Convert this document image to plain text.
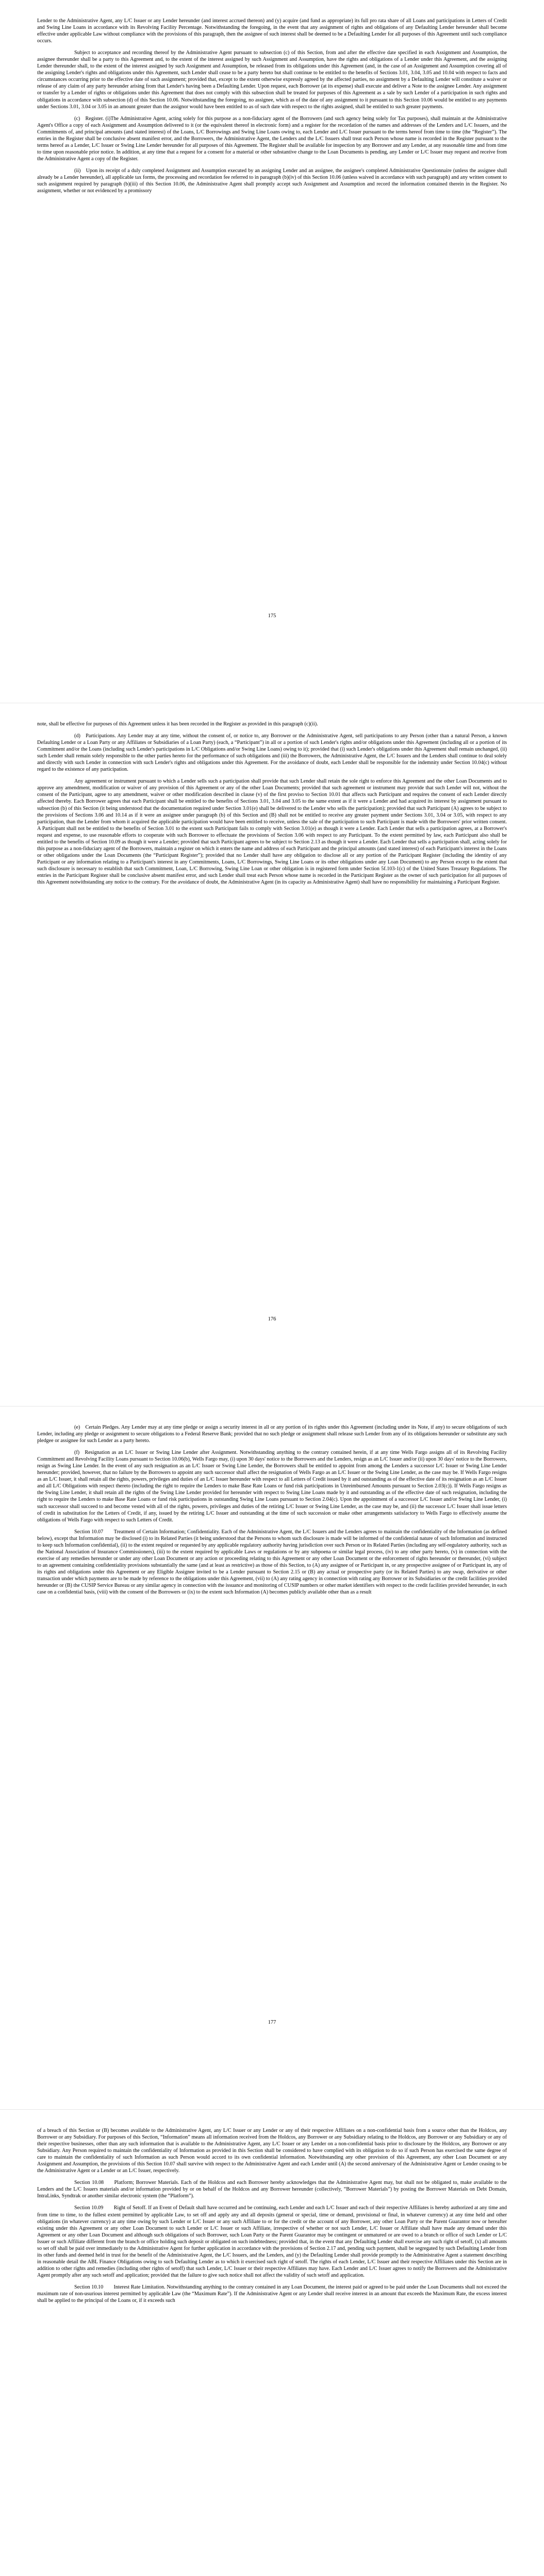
Lender to the Administrative Agent, any L/C Issuer or any Lender hereunder (and interest accrued thereon) and (y) acquire (and fund as appropriate) its full pro rata share of all Loans and participations in Letters of Credit and Swing Line Loans in accordance with its Revolving Facility Percentage. Notwithstanding the foregoing, in the event that any assignment of rights and obligations of any Defaulting Lender hereunder shall become effective under applicable Law without compliance with the provisions of this paragraph, then the assignee of such interest shall be deemed to be a Defaulting Lender for all purposes of this Agreement until such compliance occurs.

Subject to acceptance and recording thereof by the Administrative Agent pursuant to subsection (c) of this Section, from and after the effective date specified in each Assignment and Assumption, the assignee thereunder shall be a party to this Agreement and, to the extent of the interest assigned by such Assignment and Assumption, have the rights and obligations of a Lender under this Agreement, and the assigning Lender thereunder shall, to the extent of the interest assigned by such Assignment and Assumption, be released from its obligations under this Agreement (and, in the case of an Assignment and Assumption covering all of the assigning Lender's rights and obligations under this Agreement, such Lender shall cease to be a party hereto but shall continue to be entitled to the benefits of Sections 3.01, 3.04, 3.05 and 10.04 with respect to facts and circumstances occurring prior to the effective date of such assignment; provided that, except to the extent otherwise expressly agreed by the affected parties, no assignment by a Defaulting Lender will constitute a waiver or release of any claim of any party hereunder arising from that Lender's having been a Defaulting Lender. Upon request, each Borrower (at its expense) shall execute and deliver a Note to the assignee Lender. Any assignment or transfer by a Lender of rights or obligations under this Agreement that does not comply with this subsection shall be treated for purposes of this Agreement as a sale by such Lender of a participation in such rights and obligations in accordance with subsection (d) of this Section 10.06. Notwithstanding the foregoing, no assignee, which as of the date of any assignment to it pursuant to this Section 10.06 would be entitled to any payments under Sections 3.01, 3.04 or 3.05 in an amount greater than the assignor would have been entitled to as of such date with respect to the rights assigned, shall be entitled to such greater payments.

(c) Register. (i)The Administrative Agent, acting solely for this purpose as a non-fiduciary agent of the Borrowers (and such agency being solely for Tax purposes), shall maintain at the Administrative Agent's Office a copy of each Assignment and Assumption delivered to it (or the equivalent thereof in electronic form) and a register for the recordation of the names and addresses of the Lenders and L/C Issuers, and the Commitments of, and principal amounts (and stated interest) of the Loans, L/C Borrowings and Swing Line Loans owing to, each Lender and L/C Issuer pursuant to the terms hereof from time to time (the “Register”). The entries in the Register shall be conclusive absent manifest error, and the Borrowers, the Administrative Agent, the Lenders and the L/C Issuers shall treat each Person whose name is recorded in the Register pursuant to the terms hereof as a Lender, L/C Issuer or Swing Line Lender hereunder for all purposes of this Agreement. The Register shall be available for inspection by any Borrower and any Lender, at any reasonable time and from time to time upon reasonable prior notice. In addition, at any time that a request for a consent for a material or other substantive change to the Loan Documents is pending, any Lender or L/C Issuer may request and receive from the Administrative Agent a copy of the Register.

(ii) Upon its receipt of a duly completed Assignment and Assumption executed by an assigning Lender and an assignee, the assignee's completed Administrative Questionnaire (unless the assignee shall already be a Lender hereunder), all applicable tax forms, the processing and recordation fee referred to in paragraph (b)(iv) of this Section 10.06 (unless waived in accordance with such paragraph) and any written consent to such assignment required by paragraph (b)(iii) of this Section 10.06, the Administrative Agent shall promptly accept such Assignment and Assumption and record the information contained therein in the Register. No assignment, whether or not evidenced by a promissory

175

note, shall be effective for purposes of this Agreement unless it has been recorded in the Register as provided in this paragraph (c)(ii).

(d) Participations. Any Lender may at any time, without the consent of, or notice to, any Borrower or the Administrative Agent, sell participations to any Person (other than a natural Person, a known Defaulting Lender or a Loan Party or any Affiliates or Subsidiaries of a Loan Party) (each, a “Participant”) in all or a portion of such Lender's rights and/or obligations under this Agreement (including all or a portion of its Commitment and/or the Loans (including such Lender's participations in L/C Obligations and/or Swing Line Loans) owing to it); provided that (i) such Lender's obligations under this Agreement shall remain unchanged, (ii) such Lender shall remain solely responsible to the other parties hereto for the performance of such obligations and (iii) the Borrowers, the Administrative Agent, the L/C Issuers and the Lenders shall continue to deal solely and directly with such Lender in connection with such Lender's rights and obligations under this Agreement. For the avoidance of doubt, each Lender shall be responsible for the indemnity under Section 10.04(c) without regard to the existence of any participation.

Any agreement or instrument pursuant to which a Lender sells such a participation shall provide that such Lender shall retain the sole right to enforce this Agreement and the other Loan Documents and to approve any amendment, modification or waiver of any provision of this Agreement or any of the other Loan Documents; provided that such agreement or instrument may provide that such Lender will not, without the consent of the Participant, agree to any amendment, waiver or other modification described in clause (v) of the first proviso to Section 10.01 that affects such Participant and requires the consent of each Lender directly affected thereby. Each Borrower agrees that each Participant shall be entitled to the benefits of Sections 3.01, 3.04 and 3.05 to the same extent as if it were a Lender and had acquired its interest by assignment pursuant to subsection (b) of this Section (it being understood that the documentation required under Section 3.01(e) shall be delivered to the Lender who sells the participation); provided that such Participant (A) agrees to be subject to the provisions of Sections 3.06 and 10.14 as if it were an assignee under paragraph (b) of this Section and (B) shall not be entitled to receive any greater payment under Sections 3.01, 3.04 or 3.05, with respect to any participation, than the Lender from whom it acquired the applicable participation would have been entitled to receive, unless the sale of the participation to such Participant is made with the Borrowers' prior written consent. A Participant shall not be entitled to the benefits of Section 3.01 to the extent such Participant fails to comply with Section 3.01(e) as though it were a Lender. Each Lender that sells a participation agrees, at a Borrower's request and expense, to use reasonable efforts to cooperate with such Borrower to effectuate the provisions of Section 3.06 with respect to any Participant. To the extent permitted by law, each Participant also shall be entitled to the benefits of Section 10.09 as though it were a Lender; provided that such Participant agrees to be subject to Section 2.13 as though it were a Lender. Each Lender that sells a participation shall, acting solely for this purpose as a non-fiduciary agent of the Borrowers, maintain a register on which it enters the name and address of each Participant and the principal amounts (and stated interest) of each Participant's interest in the Loans or other obligations under the Loan Documents (the “Participant Register”); provided that no Lender shall have any obligation to disclose all or any portion of the Participant Register (including the identity of any Participant or any information relating to a Participant's interest in any Commitments, Loans, L/C Borrowings, Swing Line Loans or its other obligations under any Loan Document) to any Person except to the extent that such disclosure is necessary to establish that such Commitment, Loan, L/C Borrowing, Swing Line Loan or other obligation is in registered form under Section 5f.103-1(c) of the United States Treasury Regulations. The entries in the Participant Register shall be conclusive absent manifest error, and such Lender shall treat each Person whose name is recorded in the Participant Register as the owner of such participation for all purposes of this Agreement notwithstanding any notice to the contrary. For the avoidance of doubt, the Administrative Agent (in its capacity as Administrative Agent) shall have no responsibility for maintaining a Participant Register.

176

(e) Certain Pledges. Any Lender may at any time pledge or assign a security interest in all or any portion of its rights under this Agreement (including under its Note, if any) to secure obligations of such Lender, including any pledge or assignment to secure obligations to a Federal Reserve Bank; provided that no such pledge or assignment shall release such Lender from any of its obligations hereunder or substitute any such pledgee or assignee for such Lender as a party hereto.

(f) Resignation as an L/C Issuer or Swing Line Lender after Assignment. Notwithstanding anything to the contrary contained herein, if at any time Wells Fargo assigns all of its Revolving Facility Commitment and Revolving Facility Loans pursuant to Section 10.06(b), Wells Fargo may, (i) upon 30 days' notice to the Borrowers and the Lenders, resign as an L/C Issuer and/or (ii) upon 30 days' notice to the Borrowers, resign as Swing Line Lender. In the event of any such resignation as an L/C Issuer or Swing Line Lender, the Borrowers shall be entitled to appoint from among the Lenders a successor L/C Issuer or Swing Line Lender hereunder; provided, however, that no failure by the Borrowers to appoint any such successor shall affect the resignation of Wells Fargo as an L/C Issuer or the Swing Line Lender, as the case may be. If Wells Fargo resigns as an L/C Issuer, it shall retain all the rights, powers, privileges and duties of an L/C Issuer hereunder with respect to all Letters of Credit issued by it and outstanding as of the effective date of its resignation as an L/C Issuer and all L/C Obligations with respect thereto (including the right to require the Lenders to make Base Rate Loans or fund risk participations in Unreimbursed Amounts pursuant to Section 2.03(c)). If Wells Fargo resigns as the Swing Line Lender, it shall retain all the rights of the Swing Line Lender provided for hereunder with respect to Swing Line Loans made by it and outstanding as of the effective date of such resignation, including the right to require the Lenders to make Base Rate Loans or fund risk participations in outstanding Swing Line Loans pursuant to Section 2.04(c). Upon the appointment of a successor L/C Issuer and/or Swing Line Lender, (i) such successor shall succeed to and become vested with all of the rights, powers, privileges and duties of the retiring L/C Issuer or Swing Line Lender, as the case may be, and (ii) the successor L/C Issuer shall issue letters of credit in substitution for the Letters of Credit, if any, issued by the retiring L/C Issuer and outstanding at the time of such succession or make other arrangements satisfactory to Wells Fargo to effectively assume the obligations of Wells Fargo with respect to such Letters of Credit.

Section 10.07  Treatment of Certain Information; Confidentiality. Each of the Administrative Agent, the L/C Issuers and the Lenders agrees to maintain the confidentiality of the Information (as defined below), except that Information may be disclosed (i) to its Related Parties (it being understood that the Persons to whom such disclosure is made will be informed of the confidential nature of such Information and instructed to keep such Information confidential), (ii) to the extent required or requested by any applicable regulatory authority having jurisdiction over such Person or its Related Parties (including any self-regulatory authority, such as the National Association of Insurance Commissioners), (iii) to the extent required by applicable Laws or regulations or by any subpoena or similar legal process, (iv) to any other party hereto, (v) in connection with the exercise of any remedies hereunder or under any other Loan Document or any action or proceeding relating to this Agreement or any other Loan Document or the enforcement of rights hereunder or thereunder, (vi) subject to an agreement containing confidentiality provisions substantially the same (and at least as restrictive) as those of this Section, to (A) any assignee of or Participant in, or any prospective assignee of or Participant in, any of its rights and obligations under this Agreement or any Eligible Assignee invited to be a Lender pursuant to Section 2.15 or (B) any actual or prospective party (or its Related Parties) to any swap, derivative or other transaction under which payments are to be made by reference to the obligations under this Agreement, (vii) to (A) any rating agency in connection with rating any Borrower or its Subsidiaries or the credit facilities provided hereunder or (B) the CUSIP Service Bureau or any similar agency in connection with the issuance and monitoring of CUSIP numbers or other market identifiers with respect to the credit facilities provided hereunder, in each case on a confidential basis, (viii) with the consent of the Borrowers or (ix) to the extent such Information (A) becomes publicly available other than as a result

177

of a breach of this Section or (B) becomes available to the Administrative Agent, any L/C Issuer or any Lender or any of their respective Affiliates on a non-confidential basis from a source other than the Holdcos, any Borrower or any Subsidiary. For purposes of this Section, “Information” means all information received from the Holdcos, any Borrower or any Subsidiary relating to the Holdcos, any Borrower or any Subsidiary or any of their respective businesses, other than any such information that is available to the Administrative Agent, any L/C Issuer or any Lender on a non-confidential basis prior to disclosure by the Holdcos, any Borrower or any Subsidiary. Any Person required to maintain the confidentiality of Information as provided in this Section shall be considered to have complied with its obligation to do so if such Person has exercised the same degree of care to maintain the confidentiality of such Information as such Person would accord to its own confidential information. Notwithstanding any other provision of this Agreement, any other Loan Document or any Assignment and Assumption, the provisions of this Section 10.07 shall survive with respect to the Administrative Agent and each Lender until (A) the second anniversary of the Administrative Agent or Lender ceasing to be the Administrative Agent or a Lender or an L/C Issuer, respectively.

Section 10.08  Platform; Borrower Materials. Each of the Holdcos and each Borrower hereby acknowledges that the Administrative Agent may, but shall not be obligated to, make available to the Lenders and the L/C Issuers materials and/or information provided by or on behalf of the Holdcos and any Borrower hereunder (collectively, “Borrower Materials”) by posting the Borrower Materials on Debt Domain, IntraLinks, Syndtrak or another similar electronic system (the “Platform”).

Section 10.09  Right of Setoff. If an Event of Default shall have occurred and be continuing, each Lender and each L/C Issuer and each of their respective Affiliates is hereby authorized at any time and from time to time, to the fullest extent permitted by applicable Law, to set off and apply any and all deposits (general or special, time or demand, provisional or final, in whatever currency) at any time held and other obligations (in whatever currency) at any time owing by such Lender or L/C Issuer or any such Affiliate to or for the credit or the account of any Borrower, any other Loan Party or the Parent Guarantor now or hereafter existing under this Agreement or any other Loan Document to such Lender or L/C Issuer or such Affiliate, irrespective of whether or not such Lender, L/C Issuer or Affiliate shall have made any demand under this Agreement or any other Loan Document and although such obligations of such Borrower, such Loan Party or the Parent Guarantor may be contingent or unmatured or are owed to a branch or office of such Lender or L/C Issuer or such Affiliate different from the branch or office holding such deposit or obligated on such indebtedness; provided that, in the event that any Defaulting Lender shall exercise any such right of setoff, (x) all amounts so set off shall be paid over immediately to the Administrative Agent for further application in accordance with the provisions of Section 2.17 and, pending such payment, shall be segregated by such Defaulting Lender from its other funds and deemed held in trust for the benefit of the Administrative Agent, the L/C Issuers, and the Lenders, and (y) the Defaulting Lender shall provide promptly to the Administrative Agent a statement describing in reasonable detail the ABL Finance Obligations owing to such Defaulting Lender as to which it exercised such right of setoff. The rights of each Lender, L/C Issuer and their respective Affiliates under this Section are in addition to other rights and remedies (including other rights of setoff) that such Lender, L/C Issuer or their respective Affiliates may have. Each Lender and L/C Issuer agrees to notify the Borrowers and the Administrative Agent promptly after any such setoff and application; provided that the failure to give such notice shall not affect the validity of such setoff and application.

Section 10.10  Interest Rate Limitation. Notwithstanding anything to the contrary contained in any Loan Document, the interest paid or agreed to be paid under the Loan Documents shall not exceed the maximum rate of non-usurious interest permitted by applicable Law (the “Maximum Rate”). If the Administrative Agent or any Lender shall receive interest in an amount that exceeds the Maximum Rate, the excess interest shall be applied to the principal of the Loans or, if it exceeds such
